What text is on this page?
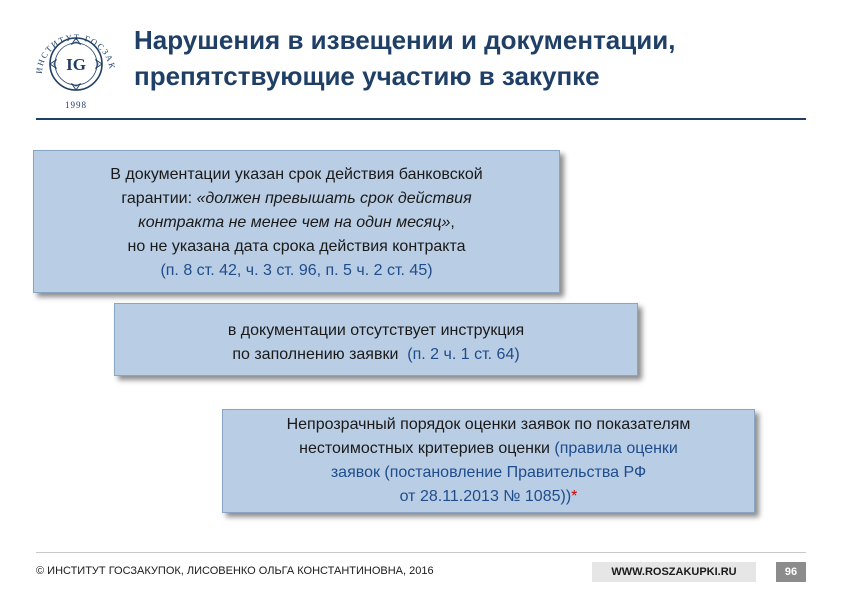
ИНСТИТУТ ГОСЗАК
IG
1998
Нарушения в извещении и документации,
препятствующие участию в закупке
В документации указан срок действия банковской
гарантии: «должен превышать срок действия
контракта не менее чем на один месяц»,
но не указана дата срока действия контракта
(п. 8 ст. 42, ч. 3 ст. 96, п. 5 ч. 2 ст. 45)
в документации отсутствует инструкция
по заполнению заявки (п. 2 ч. 1 ст. 64)
Непрозрачный порядок оценки заявок по показателям
нестоимостных критериев оценки (правила оценки
заявок (постановление Правительства РФ
от 28.11.2013 № 1085))*
© ИНСТИТУТ ГОСЗАКУПОК, ЛИСОВЕНКО ОЛЬГА КОНСТАНТИНОВНА, 2016	WWW.ROSZAKUPKI.RU	96
